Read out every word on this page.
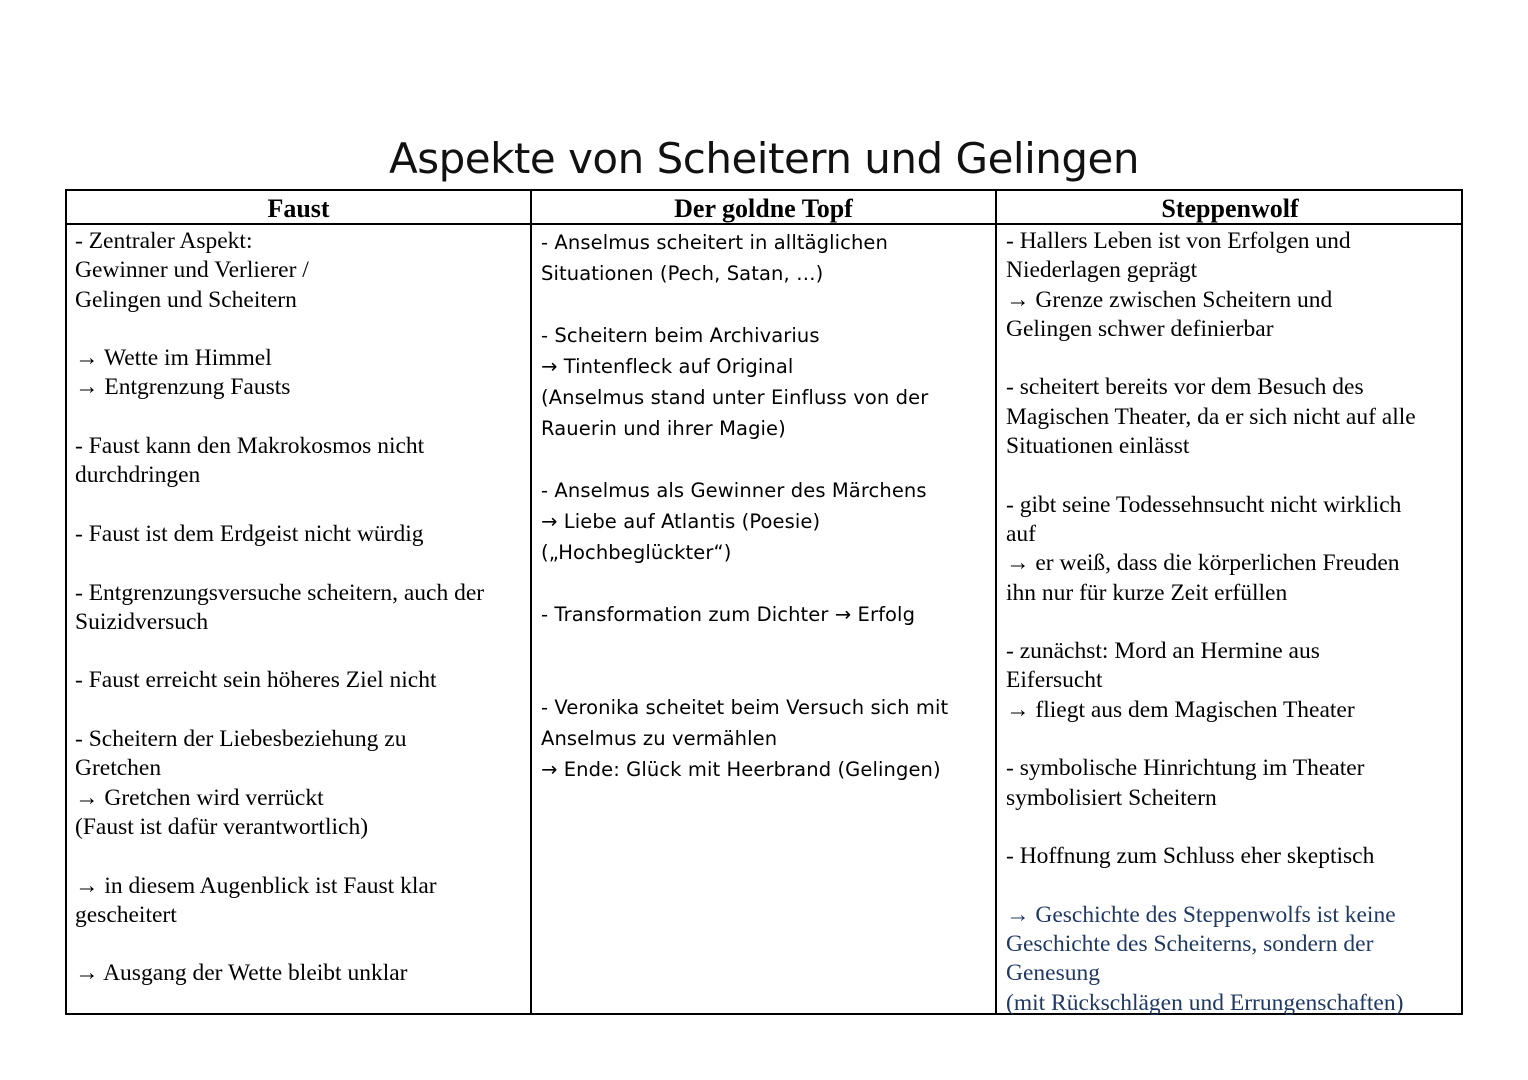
Aspekte von Scheitern und Gelingen
Faust	Der goldne Topf	Steppenwolf
- Zentraler Aspekt:
Gewinner und Verlierer /
Gelingen und Scheitern

→ Wette im Himmel
→ Entgrenzung Fausts

- Faust kann den Makrokosmos nicht
durchdringen

- Faust ist dem Erdgeist nicht würdig

- Entgrenzungsversuche scheitern, auch der
Suizidversuch

- Faust erreicht sein höheres Ziel nicht

- Scheitern der Liebesbeziehung zu
Gretchen
→ Gretchen wird verrückt
(Faust ist dafür verantwortlich)

→ in diesem Augenblick ist Faust klar
gescheitert

→ Ausgang der Wette bleibt unklar
- Anselmus scheitert in alltäglichen
Situationen (Pech, Satan, …)

- Scheitern beim Archivarius
→ Tintenfleck auf Original
(Anselmus stand unter Einfluss von der
Rauerin und ihrer Magie)

- Anselmus als Gewinner des Märchens
→ Liebe auf Atlantis (Poesie)
(„Hochbeglückter“)

- Transformation zum Dichter → Erfolg

- Veronika scheitet beim Versuch sich mit
Anselmus zu vermählen
→ Ende: Glück mit Heerbrand (Gelingen)
- Hallers Leben ist von Erfolgen und
Niederlagen geprägt
→ Grenze zwischen Scheitern und
Gelingen schwer definierbar

- scheitert bereits vor dem Besuch des
Magischen Theater, da er sich nicht auf alle
Situationen einlässt

- gibt seine Todessehnsucht nicht wirklich
auf
→ er weiß, dass die körperlichen Freuden
ihn nur für kurze Zeit erfüllen

- zunächst: Mord an Hermine aus
Eifersucht
→ fliegt aus dem Magischen Theater

- symbolische Hinrichtung im Theater
symbolisiert Scheitern

- Hoffnung zum Schluss eher skeptisch

→ Geschichte des Steppenwolfs ist keine
Geschichte des Scheiterns, sondern der
Genesung
(mit Rückschlägen und Errungenschaften)
